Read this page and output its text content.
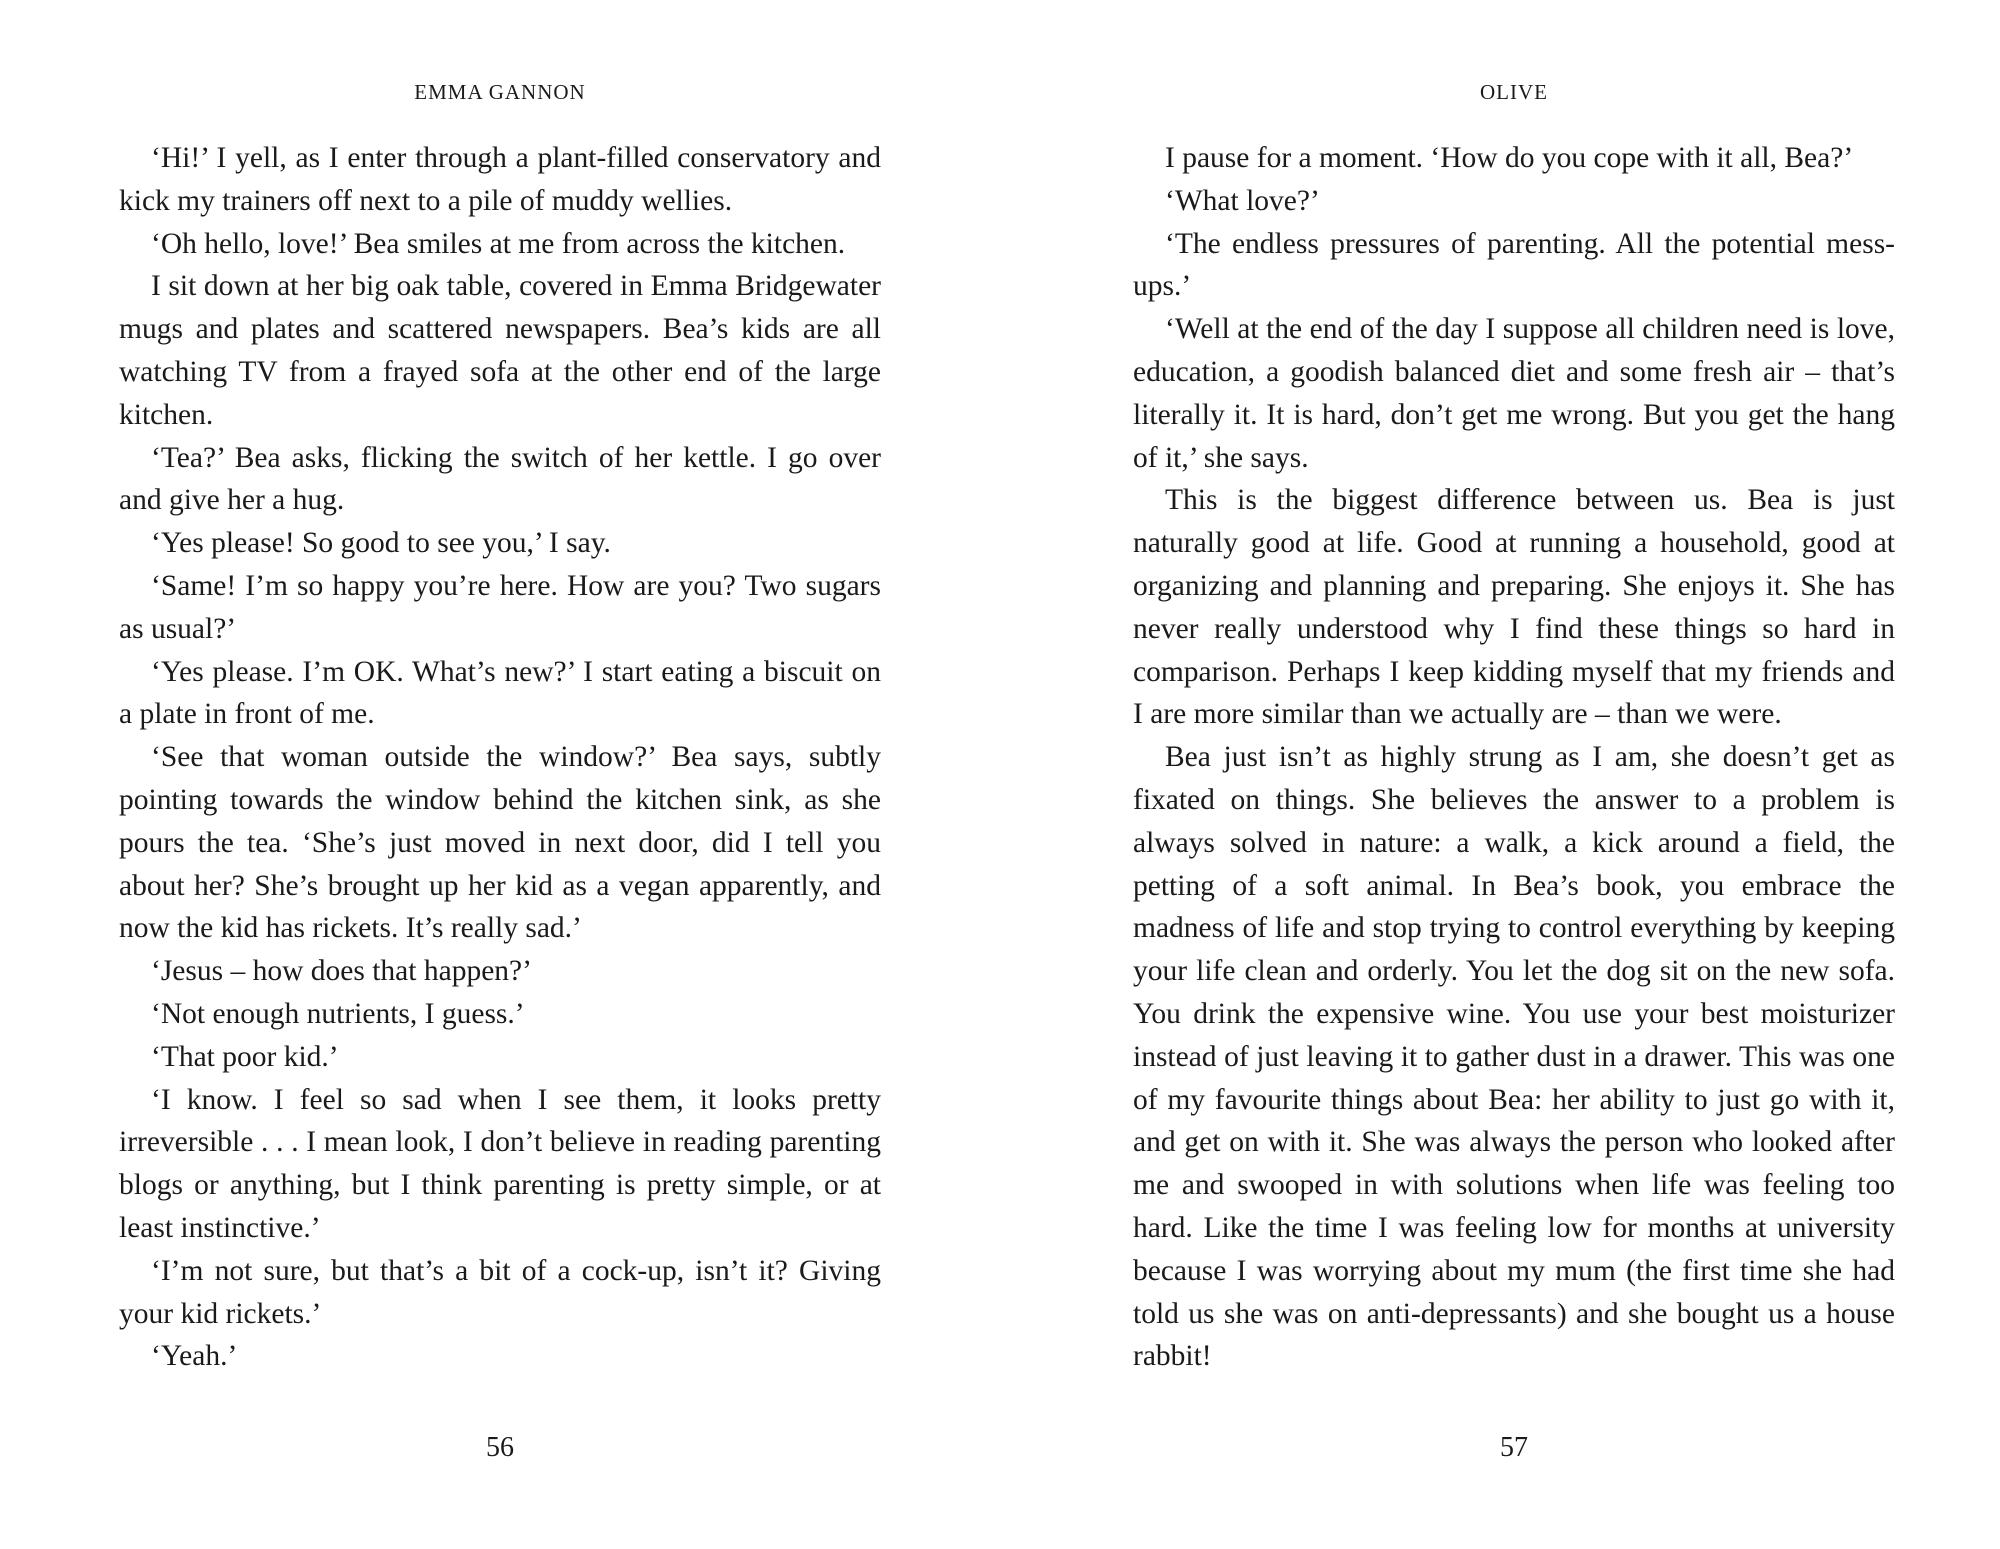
EMMA GANNON

‘Hi!’ I yell, as I enter through a plant-filled conservatory and kick my trainers off next to a pile of muddy wellies.

‘Oh hello, love!’ Bea smiles at me from across the kitchen.

I sit down at her big oak table, covered in Emma Bridgewater mugs and plates and scattered newspapers. Bea’s kids are all watching TV from a frayed sofa at the other end of the large kitchen.

‘Tea?’ Bea asks, flicking the switch of her kettle. I go over and give her a hug.

‘Yes please! So good to see you,’ I say.

‘Same! I’m so happy you’re here. How are you? Two sugars as usual?’

‘Yes please. I’m OK. What’s new?’ I start eating a biscuit on a plate in front of me.

‘See that woman outside the window?’ Bea says, subtly pointing towards the window behind the kitchen sink, as she pours the tea. ‘She’s just moved in next door, did I tell you about her? She’s brought up her kid as a vegan apparently, and now the kid has rickets. It’s really sad.’

‘Jesus – how does that happen?’

‘Not enough nutrients, I guess.’

‘That poor kid.’

‘I know. I feel so sad when I see them, it looks pretty irreversible . . . I mean look, I don’t believe in reading parenting blogs or anything, but I think parenting is pretty simple, or at least instinctive.’

‘I’m not sure, but that’s a bit of a cock-up, isn’t it? Giving your kid rickets.’

‘Yeah.’

56
OLIVE

I pause for a moment. ‘How do you cope with it all, Bea?’

‘What love?’

‘The endless pressures of parenting. All the potential mess-ups.’

‘Well at the end of the day I suppose all children need is love, education, a goodish balanced diet and some fresh air – that’s literally it. It is hard, don’t get me wrong. But you get the hang of it,’ she says.

This is the biggest difference between us. Bea is just naturally good at life. Good at running a household, good at organizing and planning and preparing. She enjoys it. She has never really understood why I find these things so hard in comparison. Perhaps I keep kidding myself that my friends and I are more similar than we actually are – than we were.

Bea just isn’t as highly strung as I am, she doesn’t get as fixated on things. She believes the answer to a problem is always solved in nature: a walk, a kick around a field, the petting of a soft animal. In Bea’s book, you embrace the madness of life and stop trying to control everything by keeping your life clean and orderly. You let the dog sit on the new sofa. You drink the expensive wine. You use your best moisturizer instead of just leaving it to gather dust in a drawer. This was one of my favourite things about Bea: her ability to just go with it, and get on with it. She was always the person who looked after me and swooped in with solutions when life was feeling too hard. Like the time I was feeling low for months at university because I was worrying about my mum (the first time she had told us she was on anti-depressants) and she bought us a house rabbit!

57
